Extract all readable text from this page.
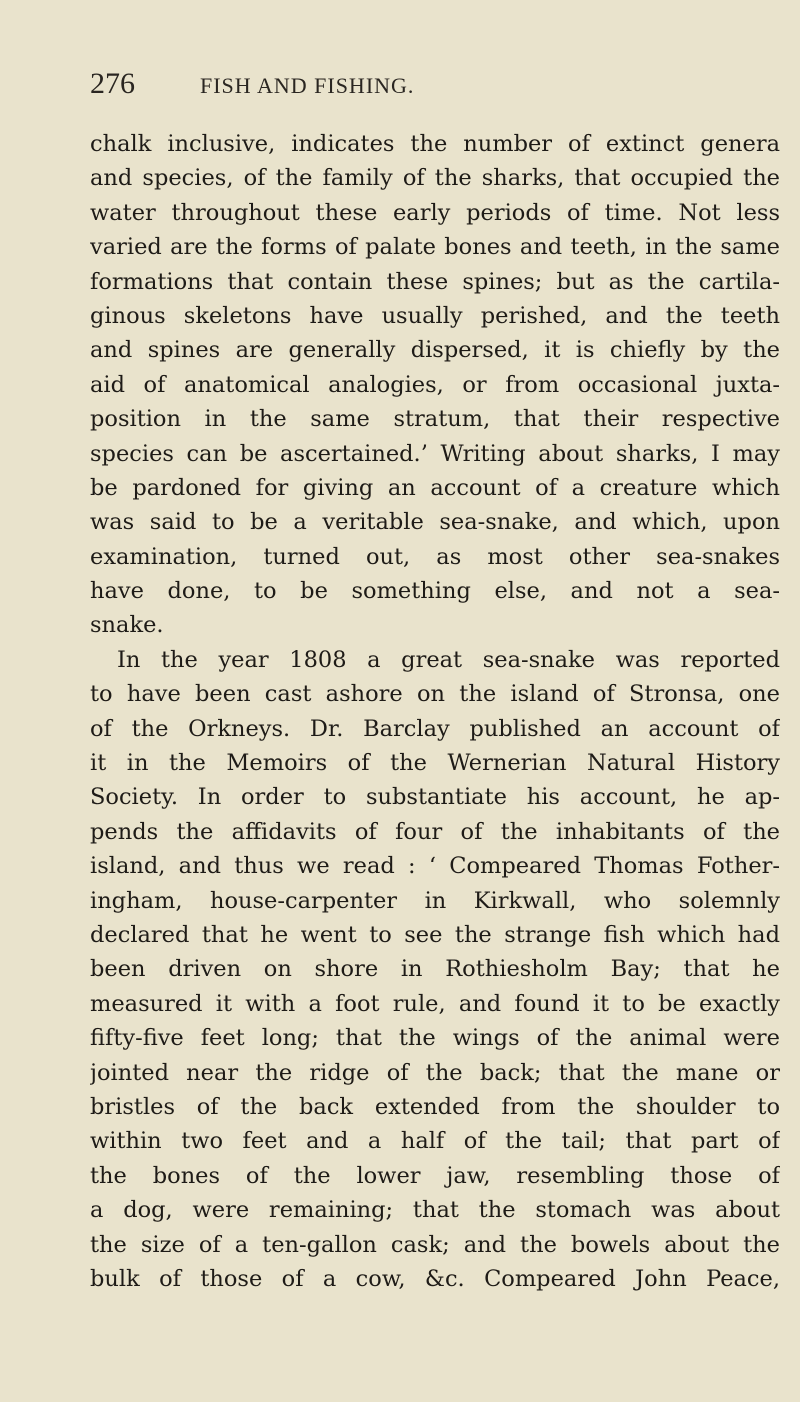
276	FISH AND FISHING.
chalk inclusive, indicates the number of extinct genera
and species, of the family of the sharks, that occupied the
water throughout these early periods of time. Not less
varied are the forms of palate bones and teeth, in the same
formations that contain these spines; but as the cartila-
ginous skeletons have usually perished, and the teeth
and spines are generally dispersed, it is chiefly by the
aid of anatomical analogies, or from occasional juxta-
position in the same stratum, that their respective
species can be ascertained.’ Writing about sharks, I may
be pardoned for giving an account of a creature which
was said to be a veritable sea-snake, and which, upon
examination, turned out, as most other sea-snakes
have done, to be something else, and not a sea-
snake.
In the year 1808 a great sea-snake was reported
to have been cast ashore on the island of Stronsa, one
of the Orkneys. Dr. Barclay published an account of
it in the Memoirs of the Wernerian Natural History
Society. In order to substantiate his account, he ap-
pends the affidavits of four of the inhabitants of the
island, and thus we read : ‘ Compeared Thomas Fother-
ingham, house-carpenter in Kirkwall, who solemnly
declared that he went to see the strange fish which had
been driven on shore in Rothiesholm Bay; that he
measured it with a foot rule, and found it to be exactly
fifty-five feet long; that the wings of the animal were
jointed near the ridge of the back; that the mane or
bristles of the back extended from the shoulder to
within two feet and a half of the tail; that part of
the bones of the lower jaw, resembling those of
a dog, were remaining; that the stomach was about
the size of a ten-gallon cask; and the bowels about the
bulk of those of a cow, &c. Compeared John Peace,
